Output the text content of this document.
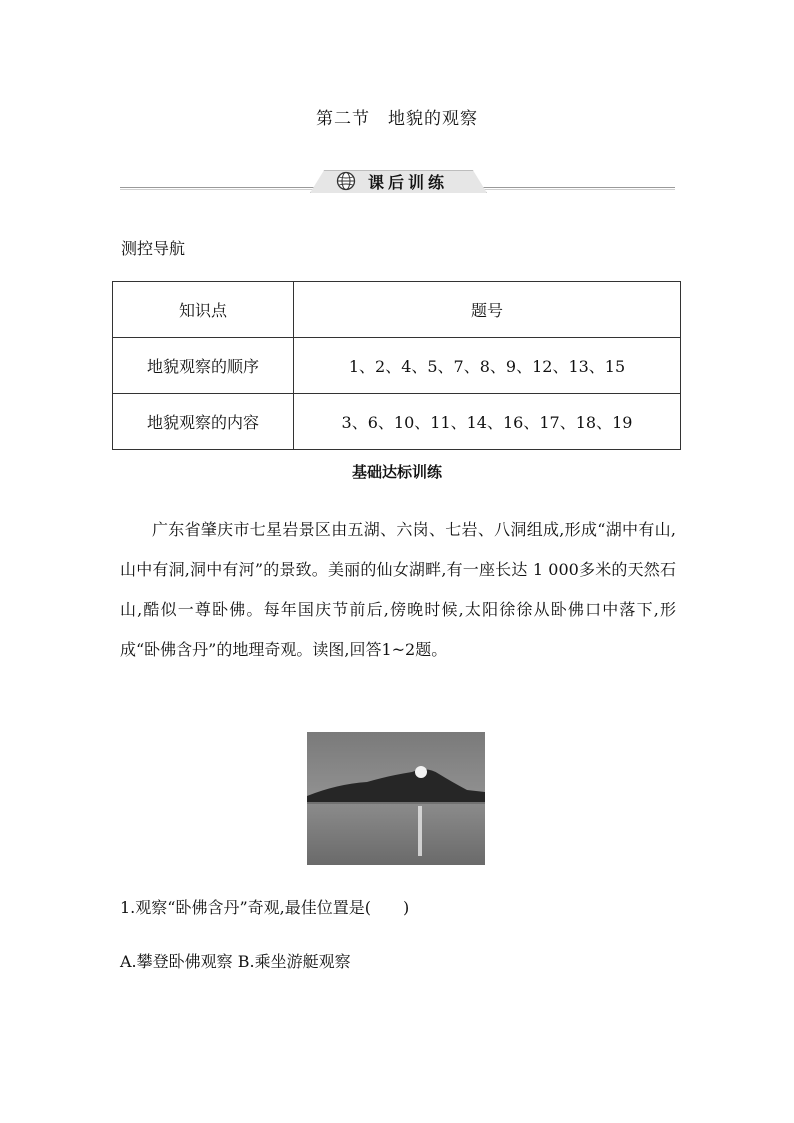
第二节　地貌的观察
课后训练
测控导航
知识点	题号
地貌观察的顺序	1、2、4、5、7、8、9、12、13、15
地貌观察的内容	3、6、10、11、14、16、17、18、19
基础达标训练
广东省肇庆市七星岩景区由五湖、六岗、七岩、八洞组成,形成“湖中有山,山中有洞,洞中有河”的景致。美丽的仙女湖畔,有一座长达 1 000多米的天然石山,酷似一尊卧佛。每年国庆节前后,傍晚时候,太阳徐徐从卧佛口中落下,形成“卧佛含丹”的地理奇观。读图,回答1~2题。
1.观察“卧佛含丹”奇观,最佳位置是(　　)
A.攀登卧佛观察 B.乘坐游艇观察
